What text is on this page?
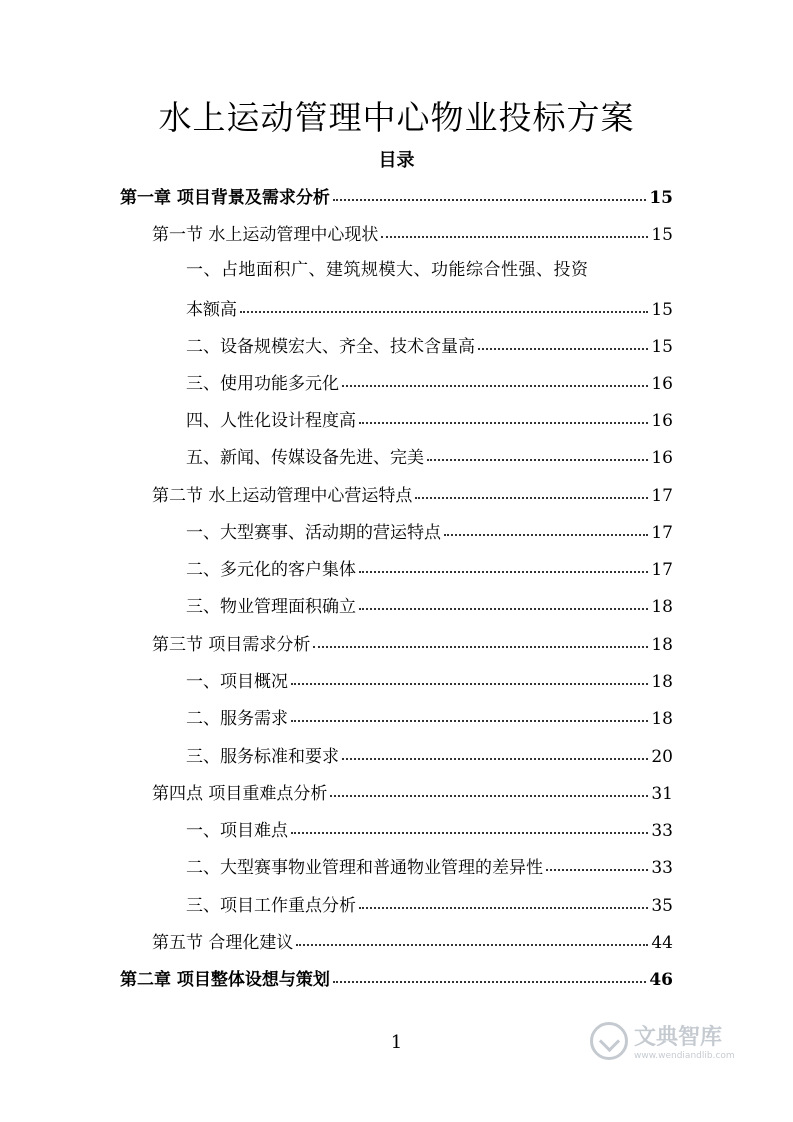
水上运动管理中心物业投标方案
目录
第一章 项目背景及需求分析	15
第一节 水上运动管理中心现状	15
一、占地面积广、建筑规模大、功能综合性强、投资
本额高	15
二、设备规模宏大、齐全、技术含量高	15
三、使用功能多元化	16
四、人性化设计程度高	16
五、新闻、传媒设备先进、完美	16
第二节 水上运动管理中心营运特点	17
一、大型赛事、活动期的营运特点	17
二、多元化的客户集体	17
三、物业管理面积确立	18
第三节 项目需求分析	18
一、项目概况	18
二、服务需求	18
三、服务标准和要求	20
第四点 项目重难点分析	31
一、项目难点	33
二、大型赛事物业管理和普通物业管理的差异性	33
三、项目工作重点分析	35
第五节 合理化建议	44
第二章 项目整体设想与策划	46
1	文典智库
www.wendiandlib.com
